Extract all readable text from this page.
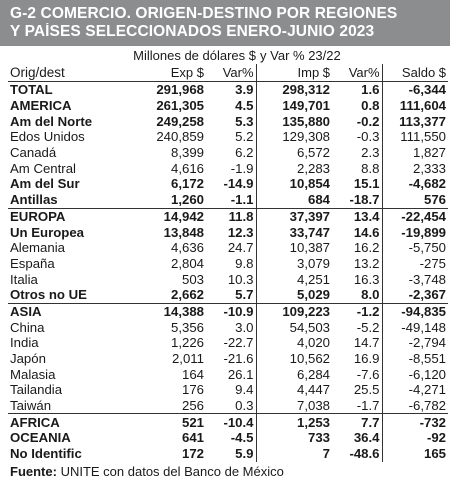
G-2 COMERCIO. ORIGEN-DESTINO POR REGIONES
Y PAÍSES SELECCIONADOS ENERO-JUNIO 2023
	Millones de dólares $		y Var % 23/22		
Orig/dest	Exp $	Var%	Imp $	Var%	Saldo $
TOTAL	291,968	3.9	298,312	1.6	-6,344
AMERICA	261,305	4.5	149,701	0.8	111,604
Am del Norte	249,258	5.3	135,880	-0.2	113,377
Edos Unidos	240,859	5.2	129,308	-0.3	111,550
Canadá	8,399	6.2	6,572	2.3	1,827
Am Central	4,616	-1.9	2,283	8.8	2,333
Am del Sur	6,172	-14.9	10,854	15.1	-4,682
Antillas	1,260	-1.1	684	-18.7	576
EUROPA	14,942	11.8	37,397	13.4	-22,454
Un Europea	13,848	12.3	33,747	14.6	-19,899
Alemania	4,636	24.7	10,387	16.2	-5,750
España	2,804	9.8	3,079	13.2	-275
Italia	503	10.3	4,251	16.3	-3,748
Otros no UE	2,662	5.7	5,029	8.0	-2,367
ASIA	14,388	-10.9	109,223	-1.2	-94,835
China	5,356	3.0	54,503	-5.2	-49,148
India	1,226	-22.7	4,020	14.7	-2,794
Japón	2,011	-21.6	10,562	16.9	-8,551
Malasia	164	26.1	6,284	-7.6	-6,120
Tailandia	176	9.4	4,447	25.5	-4,271
Taiwán	256	0.3	7,038	-1.7	-6,782
AFRICA	521	-10.4	1,253	7.7	-732
OCEANIA	641	-4.5	733	36.4	-92
No Identific	172	5.9	7	-48.6	165
Fuente: UNITE con datos del Banco de México
